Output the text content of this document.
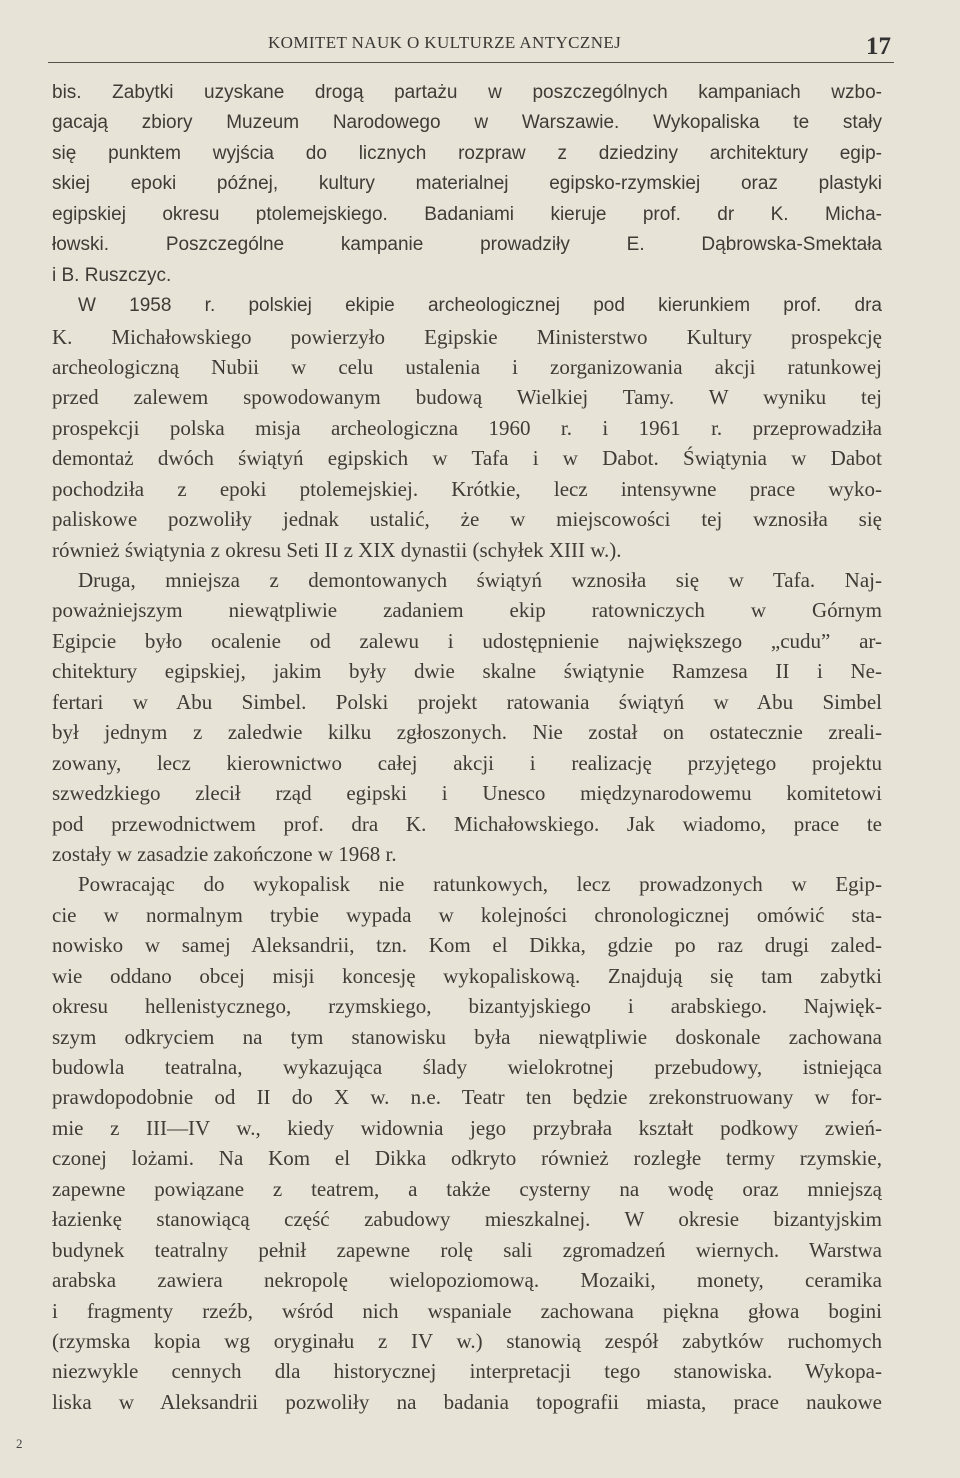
KOMITET NAUK O KULTURZE ANTYCZNEJ	17
bis. Zabytki uzyskane drogą partażu w poszczególnych kampaniach wzbo-
gacają zbiory Muzeum Narodowego w Warszawie. Wykopaliska te stały
się punktem wyjścia do licznych rozpraw z dziedziny architektury egip-
skiej epoki późnej, kultury materialnej egipsko-rzymskiej oraz plastyki
egipskiej okresu ptolemejskiego. Badaniami kieruje prof. dr K. Micha-
łowski. Poszczególne kampanie prowadziły E. Dąbrowska-Smektała
i B. Ruszczyc.
W 1958 r. polskiej ekipie archeologicznej pod kierunkiem prof. dra
K. Michałowskiego powierzyło Egipskie Ministerstwo Kultury prospekcję
archeologiczną Nubii w celu ustalenia i zorganizowania akcji ratunkowej
przed zalewem spowodowanym budową Wielkiej Tamy. W wyniku tej
prospekcji polska misja archeologiczna 1960 r. i 1961 r. przeprowadziła
demontaż dwóch świątyń egipskich w Tafa i w Dabot. Świątynia w Dabot
pochodziła z epoki ptolemejskiej. Krótkie, lecz intensywne prace wyko-
paliskowe pozwoliły jednak ustalić, że w miejscowości tej wznosiła się
również świątynia z okresu Seti II z XIX dynastii (schyłek XIII w.).
Druga, mniejsza z demontowanych świątyń wznosiła się w Tafa. Naj-
poważniejszym niewątpliwie zadaniem ekip ratowniczych w Górnym
Egipcie było ocalenie od zalewu i udostępnienie największego „cudu” ar-
chitektury egipskiej, jakim były dwie skalne świątynie Ramzesa II i Ne-
fertari w Abu Simbel. Polski projekt ratowania świątyń w Abu Simbel
był jednym z zaledwie kilku zgłoszonych. Nie został on ostatecznie zreali-
zowany, lecz kierownictwo całej akcji i realizację przyjętego projektu
szwedzkiego zlecił rząd egipski i Unesco międzynarodowemu komitetowi
pod przewodnictwem prof. dra K. Michałowskiego. Jak wiadomo, prace te
zostały w zasadzie zakończone w 1968 r.
Powracając do wykopalisk nie ratunkowych, lecz prowadzonych w Egip-
cie w normalnym trybie wypada w kolejności chronologicznej omówić sta-
nowisko w samej Aleksandrii, tzn. Kom el Dikka, gdzie po raz drugi zaled-
wie oddano obcej misji koncesję wykopaliskową. Znajdują się tam zabytki
okresu hellenistycznego, rzymskiego, bizantyjskiego i arabskiego. Najwięk-
szym odkryciem na tym stanowisku była niewątpliwie doskonale zachowana
budowla teatralna, wykazująca ślady wielokrotnej przebudowy, istniejąca
prawdopodobnie od II do X w. n.e. Teatr ten będzie zrekonstruowany w for-
mie z III—IV w., kiedy widownia jego przybrała kształt podkowy zwień-
czonej lożami. Na Kom el Dikka odkryto również rozległe termy rzymskie,
zapewne powiązane z teatrem, a także cysterny na wodę oraz mniejszą
łazienkę stanowiącą część zabudowy mieszkalnej. W okresie bizantyjskim
budynek teatralny pełnił zapewne rolę sali zgromadzeń wiernych. Warstwa
arabska zawiera nekropolę wielopoziomową. Mozaiki, monety, ceramika
i fragmenty rzeźb, wśród nich wspaniale zachowana piękna głowa bogini
(rzymska kopia wg oryginału z IV w.) stanowią zespół zabytków ruchomych
niezwykle cennych dla historycznej interpretacji tego stanowiska. Wykopa-
liska w Aleksandrii pozwoliły na badania topografii miasta, prace naukowe
2
